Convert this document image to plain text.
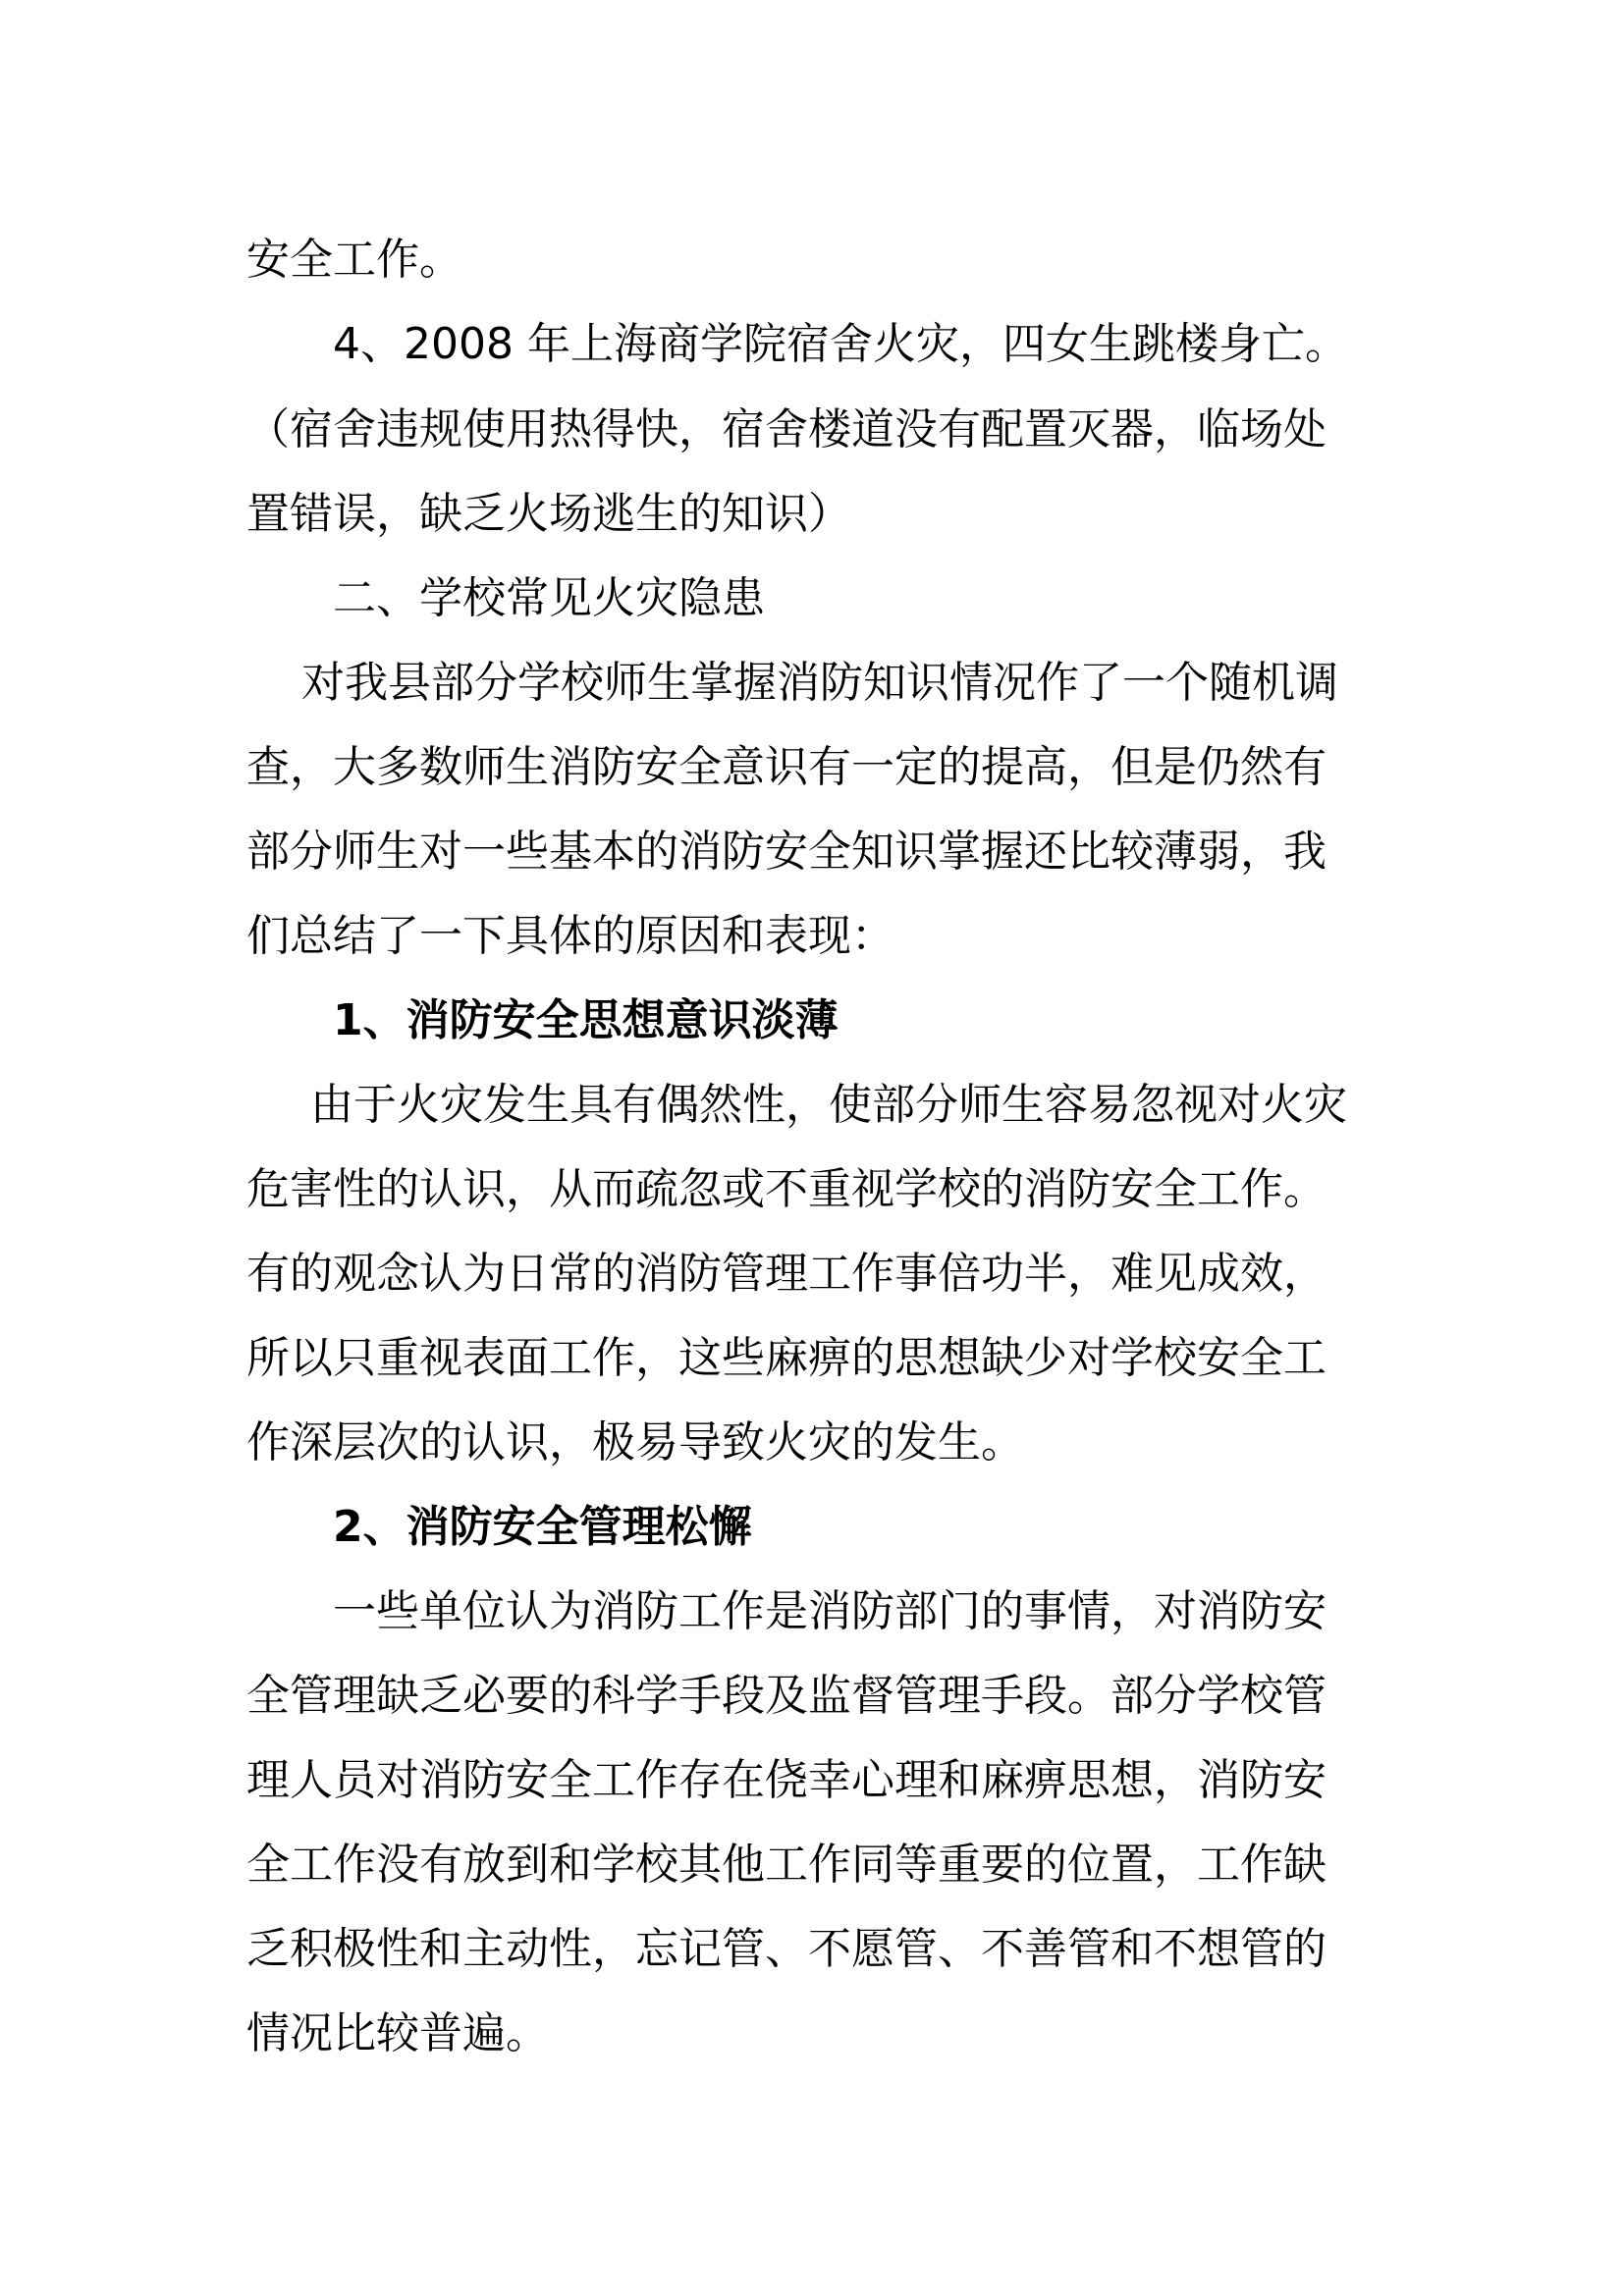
安全工作。

4、2008 年上海商学院宿舍火灾，四女生跳楼身亡。

（宿舍违规使用热得快，宿舍楼道没有配置灭器，临场处

置错误，缺乏火场逃生的知识）

二、学校常见火灾隐患

对我县部分学校师生掌握消防知识情况作了一个随机调

查，大多数师生消防安全意识有一定的提高，但是仍然有

部分师生对一些基本的消防安全知识掌握还比较薄弱，我

们总结了一下具体的原因和表现：

1、消防安全思想意识淡薄

由于火灾发生具有偶然性，使部分师生容易忽视对火灾

危害性的认识，从而疏忽或不重视学校的消防安全工作。

有的观念认为日常的消防管理工作事倍功半，难见成效，

所以只重视表面工作，这些麻痹的思想缺少对学校安全工

作深层次的认识，极易导致火灾的发生。

2、消防安全管理松懈

一些单位认为消防工作是消防部门的事情，对消防安

全管理缺乏必要的科学手段及监督管理手段。部分学校管

理人员对消防安全工作存在侥幸心理和麻痹思想，消防安

全工作没有放到和学校其他工作同等重要的位置，工作缺

乏积极性和主动性，忘记管、不愿管、不善管和不想管的

情况比较普遍。
